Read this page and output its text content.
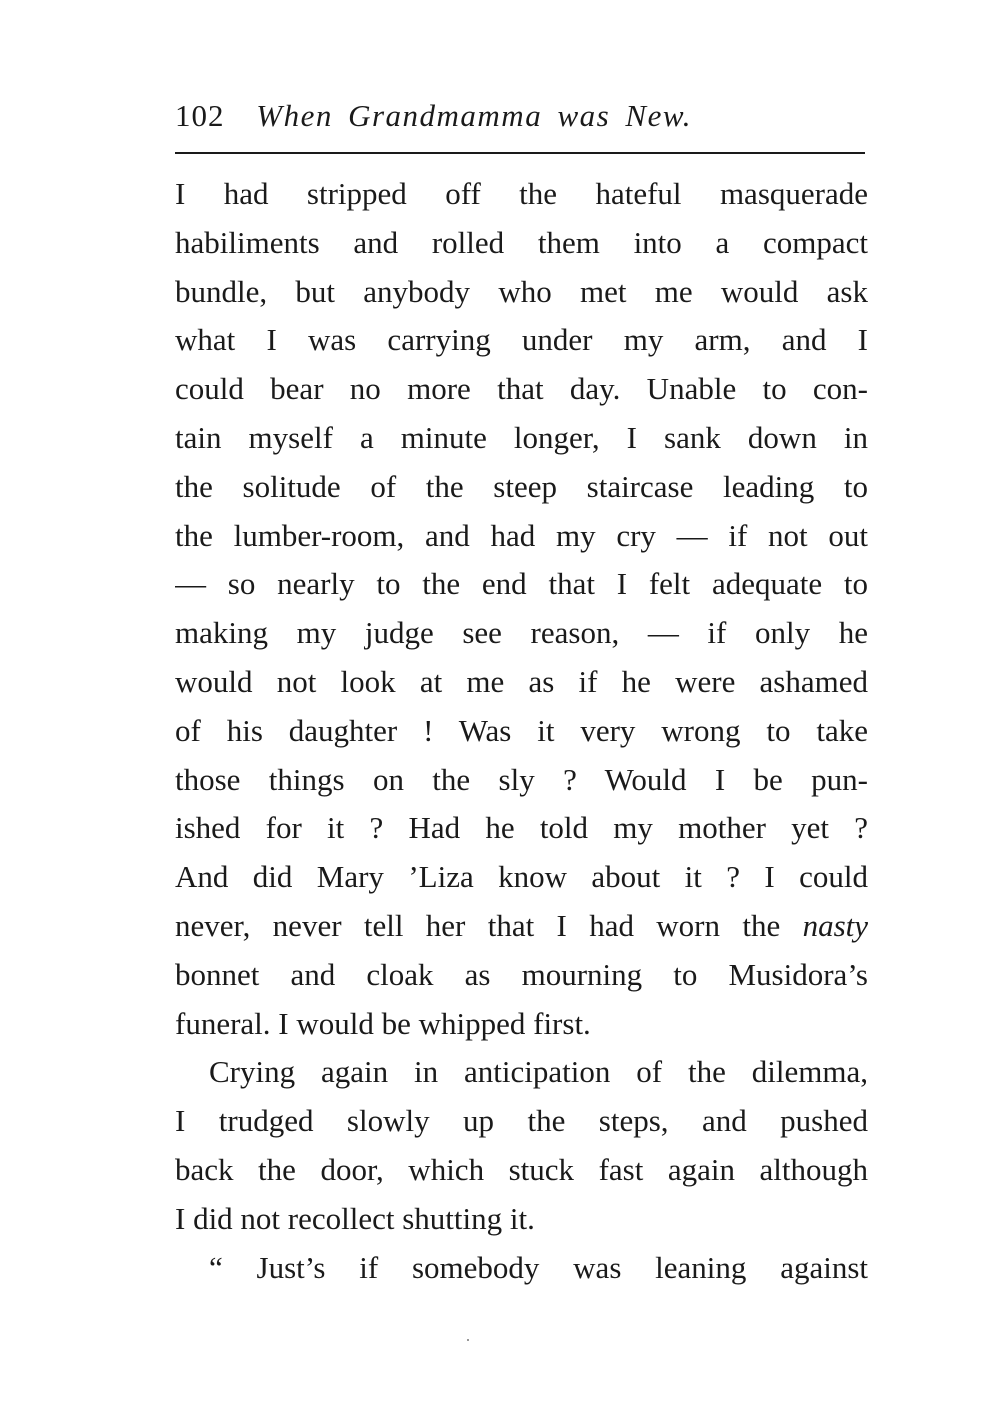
102 When Grandmamma was New.
I had stripped off the hateful masquerade
habiliments and rolled them into a compact
bundle, but anybody who met me would ask
what I was carrying under my arm, and I
could bear no more that day. Unable to con-
tain myself a minute longer, I sank down in
the solitude of the steep staircase leading to
the lumber-room, and had my cry — if not out
— so nearly to the end that I felt adequate to
making my judge see reason, — if only he
would not look at me as if he were ashamed
of his daughter ! Was it very wrong to take
those things on the sly ? Would I be pun-
ished for it ? Had he told my mother yet ?
And did Mary ’Liza know about it ? I could
never, never tell her that I had worn the nasty
bonnet and cloak as mourning to Musidora’s
funeral. I would be whipped first.
Crying again in anticipation of the dilemma,
I trudged slowly up the steps, and pushed
back the door, which stuck fast again although
I did not recollect shutting it.
“ Just’s if somebody was leaning against
